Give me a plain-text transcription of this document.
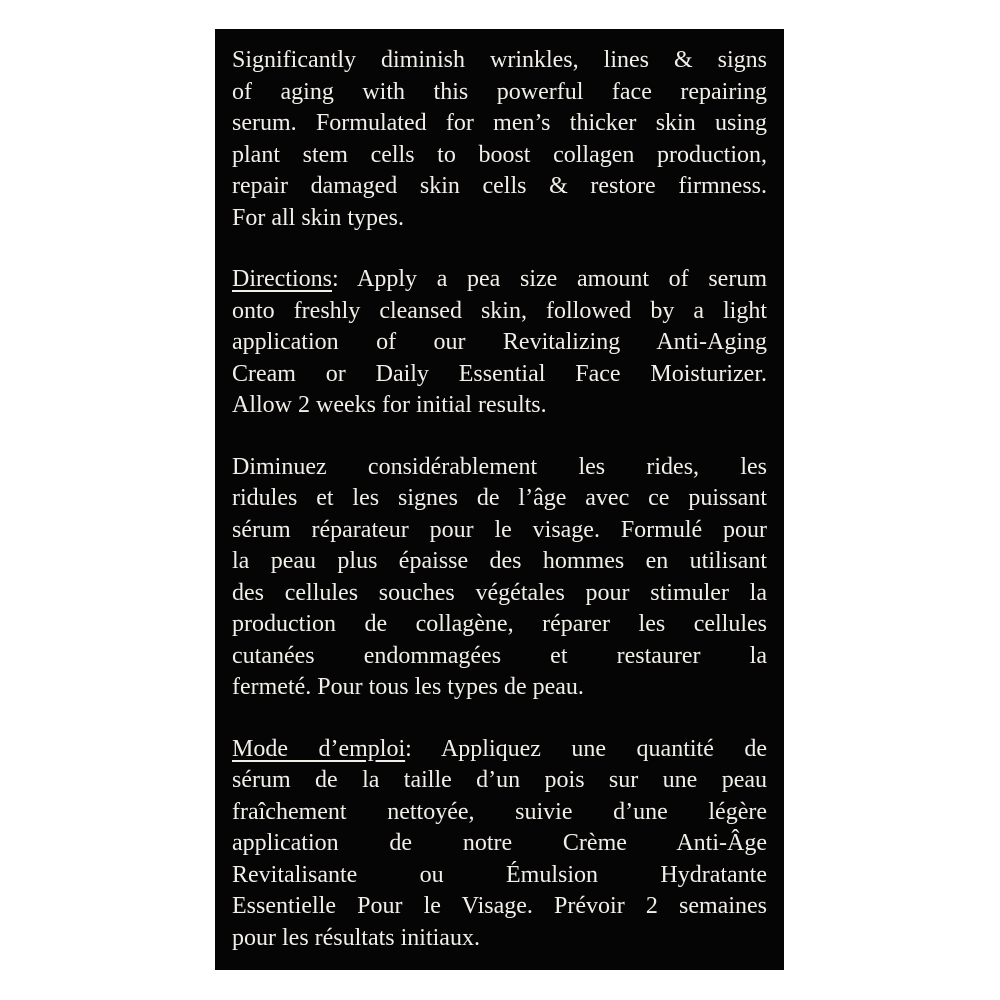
Significantly diminish wrinkles, lines & signs
of aging with this powerful face repairing
serum. Formulated for men’s thicker skin using
plant stem cells to boost collagen production,
repair damaged skin cells & restore firmness.
For all skin types.
Directions: Apply a pea size amount of serum
onto freshly cleansed skin, followed by a light
application of our Revitalizing Anti-Aging
Cream or Daily Essential Face Moisturizer.
Allow 2 weeks for initial results.
Diminuez considérablement les rides, les
ridules et les signes de l’âge avec ce puissant
sérum réparateur pour le visage. Formulé pour
la peau plus épaisse des hommes en utilisant
des cellules souches végétales pour stimuler la
production de collagène, réparer les cellules
cutanées endommagées et restaurer la
fermeté. Pour tous les types de peau.
Mode d’emploi: Appliquez une quantité de
sérum de la taille d’un pois sur une peau
fraîchement nettoyée, suivie d’une légère
application de notre Crème Anti-Âge
Revitalisante ou Émulsion Hydratante
Essentielle Pour le Visage. Prévoir 2 semaines
pour les résultats initiaux.
